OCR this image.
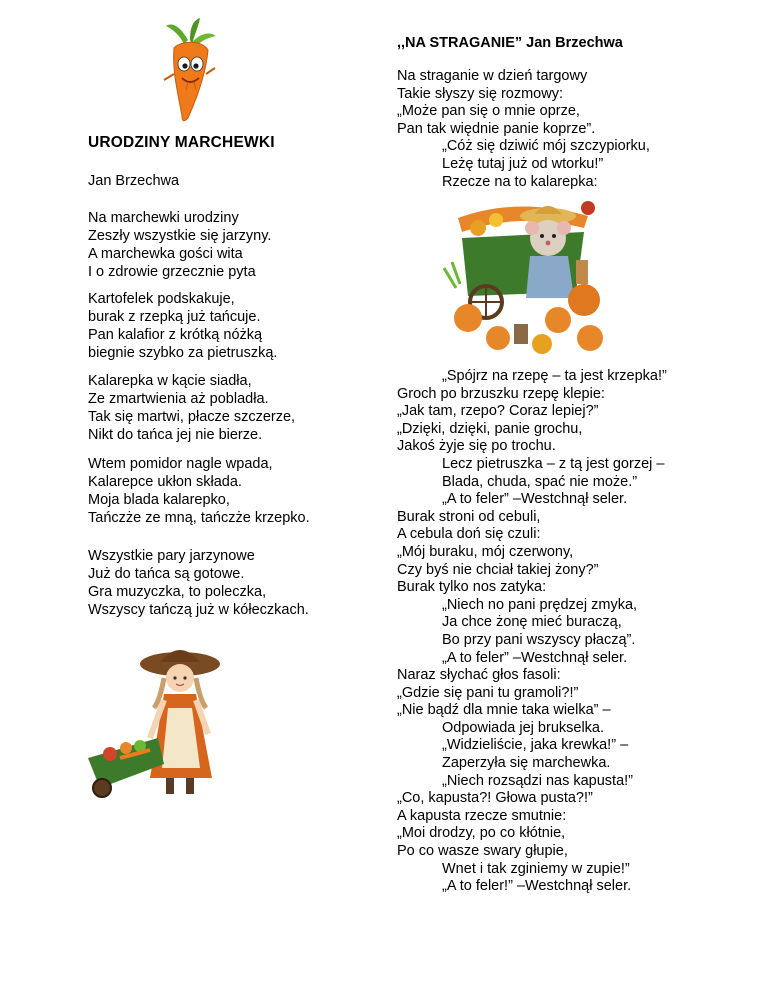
URODZINY MARCHEWKI
Jan Brzechwa
Na marchewki urodziny
Zeszły wszystkie się jarzyny.
A marchewka gości wita
I o zdrowie grzecznie pyta
Kartofelek podskakuje,
burak z rzepką już tańcuje.
Pan kalafior z krótką nóżką
biegnie szybko za pietruszką.
Kalarepka w kącie siadła,
Ze zmartwienia aż pobladła.
Tak się martwi, płacze szczerze,
Nikt do tańca jej nie bierze.
Wtem pomidor nagle wpada,
Kalarepce ukłon składa.
Moja blada kalarepko,
Tańczże ze mną, tańczże krzepko.
Wszystkie pary jarzynowe
Już do tańca są gotowe.
Gra muzyczka, to poleczka,
Wszyscy tańczą już w kółeczkach.
,,NA STRAGANIE” Jan Brzechwa
Na straganie w dzień targowy
Takie słyszy się rozmowy:
„Może pan się o mnie oprze,
Pan tak więdnie panie koprze”.
„Cóż się dziwić mój szczypiorku,
Leżę tutaj już od wtorku!”
Rzecze na to kalarepka:
„Spójrz na rzepę – ta jest krzepka!”
Groch po brzuszku rzepę klepie:
„Jak tam, rzepo? Coraz lepiej?”
„Dzięki, dzięki, panie grochu,
Jakoś żyje się po trochu.
Lecz pietruszka – z tą jest gorzej –
Blada, chuda, spać nie może.”
„A to feler” –Westchnął seler.
Burak stroni od cebuli,
A cebula doń się czuli:
„Mój buraku, mój czerwony,
Czy byś nie chciał takiej żony?”
Burak tylko nos zatyka:
„Niech no pani prędzej zmyka,
Ja chce żonę mieć buraczą,
Bo przy pani wszyscy płaczą”.
„A to feler” –Westchnął seler.
Naraz słychać głos fasoli:
„Gdzie się pani tu gramoli?!”
„Nie bądź dla mnie taka wielka” –
Odpowiada jej brukselka.
„Widzieliście, jaka krewka!” –
Zaperzyła się marchewka.
„Niech rozsądzi nas kapusta!”
„Co, kapusta?! Głowa pusta?!”
A kapusta rzecze smutnie:
„Moi drodzy, po co kłótnie,
Po co wasze swary głupie,
Wnet i tak zginiemy w zupie!”
„A to feler!” –Westchnął seler.
